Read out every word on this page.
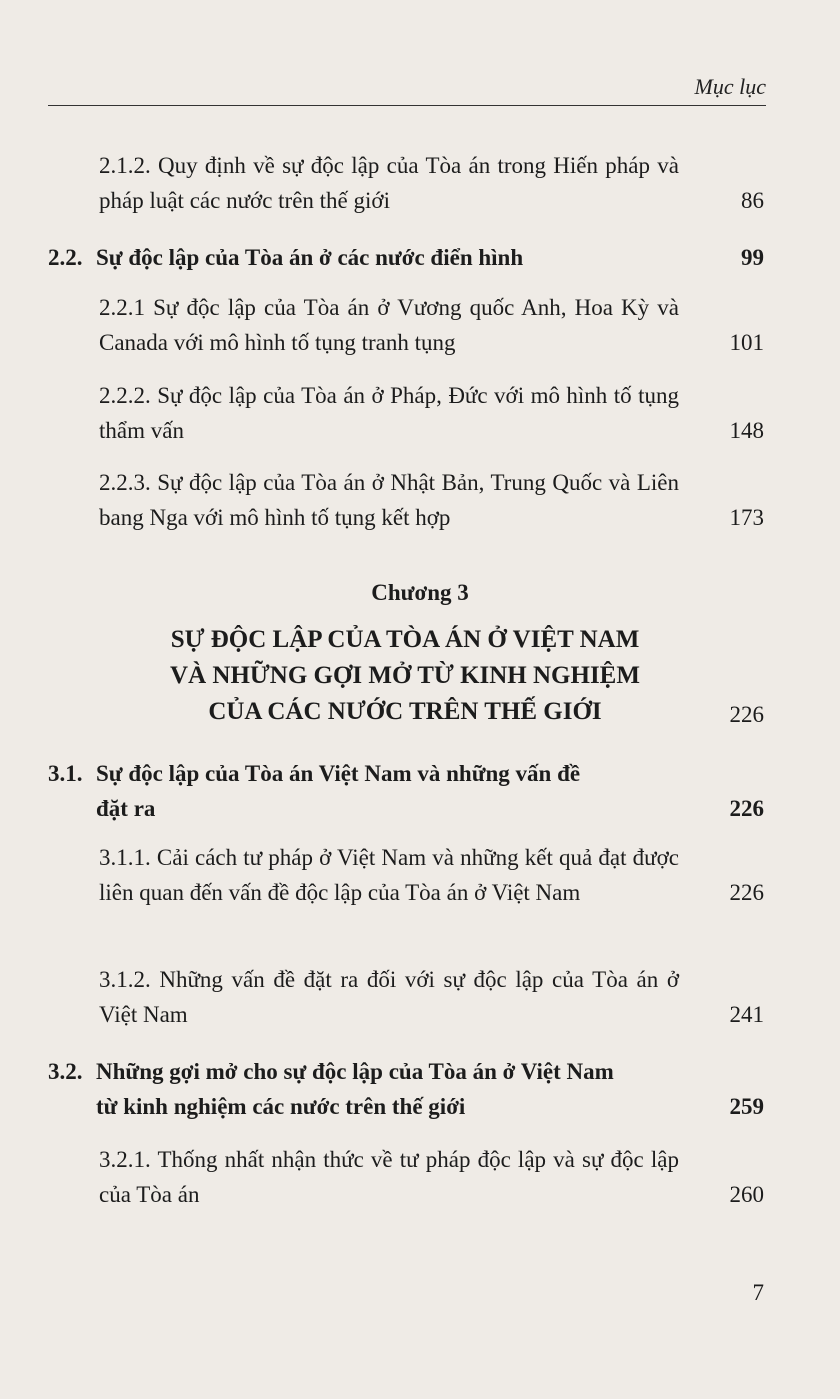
Mục lục
2.1.2. Quy định về sự độc lập của Tòa án trong Hiến pháp và pháp luật các nước trên thế giới	86
2.2. Sự độc lập của Tòa án ở các nước điển hình	99
2.2.1 Sự độc lập của Tòa án ở Vương quốc Anh, Hoa Kỳ và Canada với mô hình tố tụng tranh tụng	101
2.2.2. Sự độc lập của Tòa án ở Pháp, Đức với mô hình tố tụng thẩm vấn	148
2.2.3. Sự độc lập của Tòa án ở Nhật Bản, Trung Quốc và Liên bang Nga với mô hình tố tụng kết hợp	173
Chương 3
SỰ ĐỘC LẬP CỦA TÒA ÁN Ở VIỆT NAM
VÀ NHỮNG GỢI MỞ TỪ KINH NGHIỆM
CỦA CÁC NƯỚC TRÊN THẾ GIỚI	226
3.1. Sự độc lập của Tòa án Việt Nam và những vấn đề
đặt ra	226
3.1.1. Cải cách tư pháp ở Việt Nam và những kết quả đạt được liên quan đến vấn đề độc lập của Tòa án ở Việt Nam	226
3.1.2. Những vấn đề đặt ra đối với sự độc lập của Tòa án ở Việt Nam	241
3.2. Những gợi mở cho sự độc lập của Tòa án ở Việt Nam
từ kinh nghiệm các nước trên thế giới	259
3.2.1. Thống nhất nhận thức về tư pháp độc lập và sự độc lập của Tòa án	260
7
